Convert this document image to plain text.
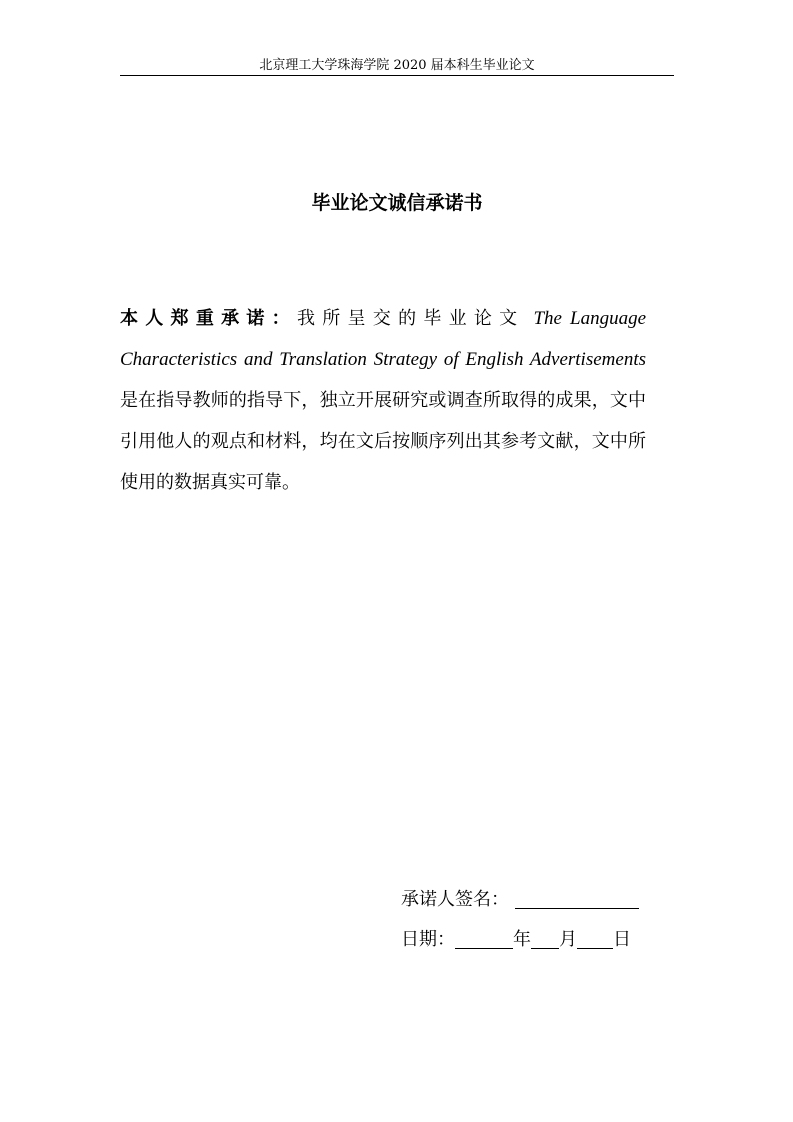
北京理工大学珠海学院 2020 届本科生毕业论文
毕业论文诚信承诺书
本人郑重承诺：我所呈交的毕业论文 The Language Characteristics and Translation Strategy of English Advertisements 是在指导教师的指导下，独立开展研究或调查所取得的成果，文中引用他人的观点和材料，均在文后按顺序列出其参考文献，文中所使用的数据真实可靠。
承诺人签名：
日期：	年 月 日
